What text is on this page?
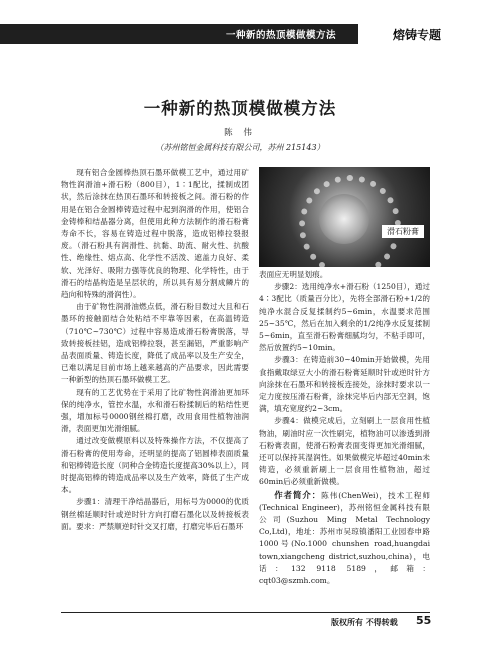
一种新的热顶模做模方法	熔铸专题
一种新的热顶模做模方法
陈 伟
（苏州铭恒金属科技有限公司，苏州 215143）

现有铝合金圆棒热顶石墨环做模工艺中，通过用矿物性润滑油+滑石粉（800目），1∶1配比，揉制成团状，然后涂抹在热顶石墨环和转接板之间。滑石粉的作用是在铝合金圆棒铸造过程中起到润滑的作用，使铝合金铸棒和结晶器分离，但使用此种方法制作的滑石粉膏寿命不长，容易在铸造过程中脱落，造成铝棒拉裂报废。（滑石粉具有润滑性、抗黏、助流、耐火性、抗酸性、绝缘性、熔点高、化学性不活泼、遮盖力良好、柔软、光泽好、吸附力强等优良的物理、化学特性，由于滑石的结晶构造是呈层状的，所以具有易分割成鳞片的趋向和特殊的滑润性）。

由于矿物性润滑油燃点低，滑石粉目数过大且和石墨环的接触面结合处粘结不牢靠等因素，在高温铸造（710℃~730℃）过程中容易造成滑石粉膏脱落，导致转接板挂铝，造成铝棒拉裂，甚至漏铝，严重影响产品表面质量、铸造长度，降低了成品率以及生产安全，已难以满足目前市场上越来越高的产品要求，因此需要一种新型的热顶石墨环做模工艺。

现有的工艺优势在于采用了比矿物性润滑油更加环保的纯净水，管控水温，水和滑石粉揉制后的粘结性更强，增加标号0000钢丝棉打磨，改用食用性植物油润滑，表面更加光滑细腻。

通过改变做模原料以及特殊操作方法，不仅提高了滑石粉膏的使用寿命，还明显的提高了铝圆棒表面质量和铝棒铸造长度（同种合金铸造长度提高30%以上），同时提高铝棒的铸造成品率以及生产效率，降低了生产成本。

步骤1：清理干净结晶器后，用标号为0000的优质钢丝棉延顺时针或逆时针方向打磨石墨化以及转接板表面。要求：严禁顺逆时针交叉打磨，打磨完毕后石墨环

滑石粉膏

表面应无明显划痕。

步骤2：选用纯净水+滑石粉（1250目），通过4∶3配比（质量百分比），先将全部滑石粉+1/2的纯净水混合反复揉制约5~6min，水温要求范围25~35℃，然后在加入剩余的1/2纯净水反复揉制5~6min，直至滑石粉膏细腻均匀，不粘手即可，然后放置约5~10min。

步骤3：在铸造前30~40min开始做模，先用食指戴取绿豆大小的滑石粉膏延顺时针或逆时针方向涂抹在石墨环和转接板连接处，涂抹时要求以一定力度按压滑石粉膏，涂抹完毕后内部无空洞，饱满，填充宽度约2~3cm。

步骤4：做模完成后，立刻刷上一层食用性植物油，刷油时应一次性刷完，植物油可以渗透到滑石粉膏表面，使滑石粉膏表面变得更加光滑细腻，还可以保持其湿润性。如果做模完毕超过40min未铸造，必须重新刷上一层食用性植物油，超过60min后必须重新做模。

作者简介：陈伟(ChenWei)，技术工程师(Technical Engineer)，苏州铭恒金属科技有限公司(Suzhou Ming Metal Technology Co,Ltd)，地址：苏州市吴琼镇潘阳工业园春申路1000号(No.1000 chunshen road,huangdai town,xiangcheng district,suzhou,china)，电话：132 9118 5189，邮箱：cqt03@szmh.com。

版权所有 不得转载 55
